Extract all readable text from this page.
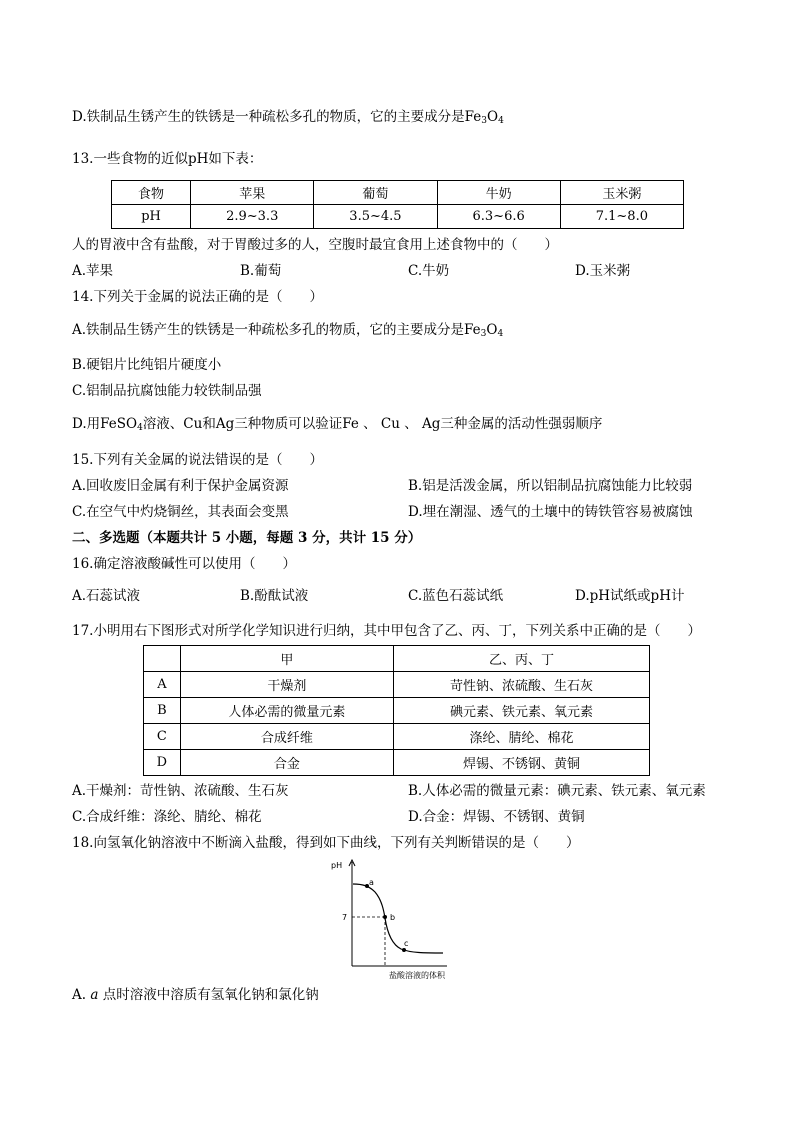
D.铁制品生锈产生的铁锈是一种疏松多孔的物质，它的主要成分是$Fe_3O_4$
13.一些食物的近似pH如下表：
食物	苹果	葡萄	牛奶	玉米粥
pH	2.9~3.3	3.5~4.5	6.3~6.6	7.1~8.0
人的胃液中含有盐酸，对于胃酸过多的人，空腹时最宜食用上述食物中的（　　）
A.苹果	B.葡萄	C.牛奶	D.玉米粥
14.下列关于金属的说法正确的是（　　）
A.铁制品生锈产生的铁锈是一种疏松多孔的物质，它的主要成分是$Fe_3O_4$
B.硬铝片比纯铝片硬度小
C.铝制品抗腐蚀能力较铁制品强
D.用FeSO$_4$溶液、Cu和Ag三种物质可以验证Fe 、 Cu 、 Ag三种金属的活动性强弱顺序
15.下列有关金属的说法错误的是（　　）
A.回收废旧金属有利于保护金属资源	B.铝是活泼金属，所以铝制品抗腐蚀能力比较弱
C.在空气中灼烧铜丝，其表面会变黑	D.埋在潮湿、透气的土壤中的铸铁管容易被腐蚀
二、多选题（本题共计 5 小题，每题 3 分，共计 15 分）
16.确定溶液酸碱性可以使用（　　）
A.石蕊试液	B.酚酞试液	C.蓝色石蕊试纸	D.pH试纸或pH计
17.小明用右下图形式对所学化学知识进行归纳，其中甲包含了乙、丙、丁，下列关系中正确的是（　　）
	甲	乙、丙、丁
A	干燥剂	苛性钠、浓硫酸、生石灰
B	人体必需的微量元素	碘元素、铁元素、氧元素
C	合成纤维	涤纶、腈纶、棉花
D	合金	焊锡、不锈钢、黄铜
A.干燥剂：苛性钠、浓硫酸、生石灰	B.人体必需的微量元素：碘元素、铁元素、氧元素
C.合成纤维：涤纶、腈纶、棉花	D.合金：焊锡、不锈钢、黄铜
18.向氢氧化钠溶液中不断滴入盐酸，得到如下曲线，下列有关判断错误的是（　　）
pH
7
a
b
c
盐酸溶液的体积
A. a 点时溶液中溶质有氢氧化钠和氯化钠
